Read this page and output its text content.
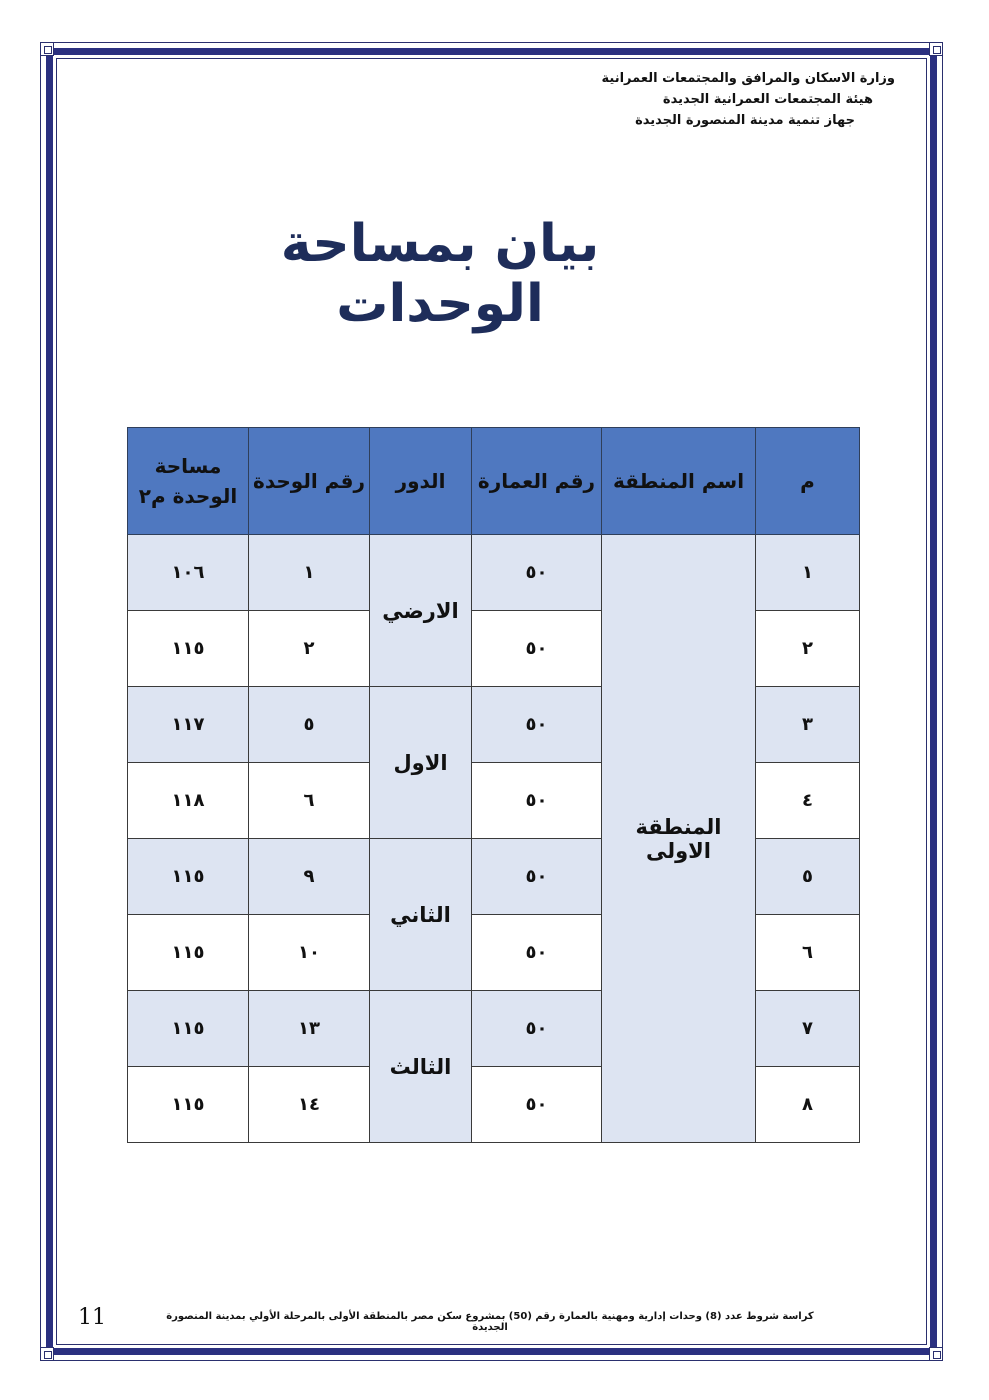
وزارة الاسكان والمرافق والمجتمعات العمرانية
هيئة المجتمعات العمرانية الجديدة
جهاز تنمية مدينة المنصورة الجديدة
بيان بمساحة الوحدات
م	اسم المنطقة	رقم العمارة	الدور	رقم الوحدة	مساحة الوحدة م٢
١	المنطقة الاولى	٥٠	الارضي	١	١٠٦
٢		٥٠		٢	١١٥
٣		٥٠	الاول	٥	١١٧
٤		٥٠		٦	١١٨
٥		٥٠	الثاني	٩	١١٥
٦		٥٠		١٠	١١٥
٧		٥٠	الثالث	١٣	١١٥
٨		٥٠		١٤	١١٥
كراسة شروط عدد (8) وحدات إدارية ومهنية بالعمارة رقم (50) بمشروع سكن مصر بالمنطقة الأولى بالمرحلة الأولي بمدينة المنصورة الجديدة
11
